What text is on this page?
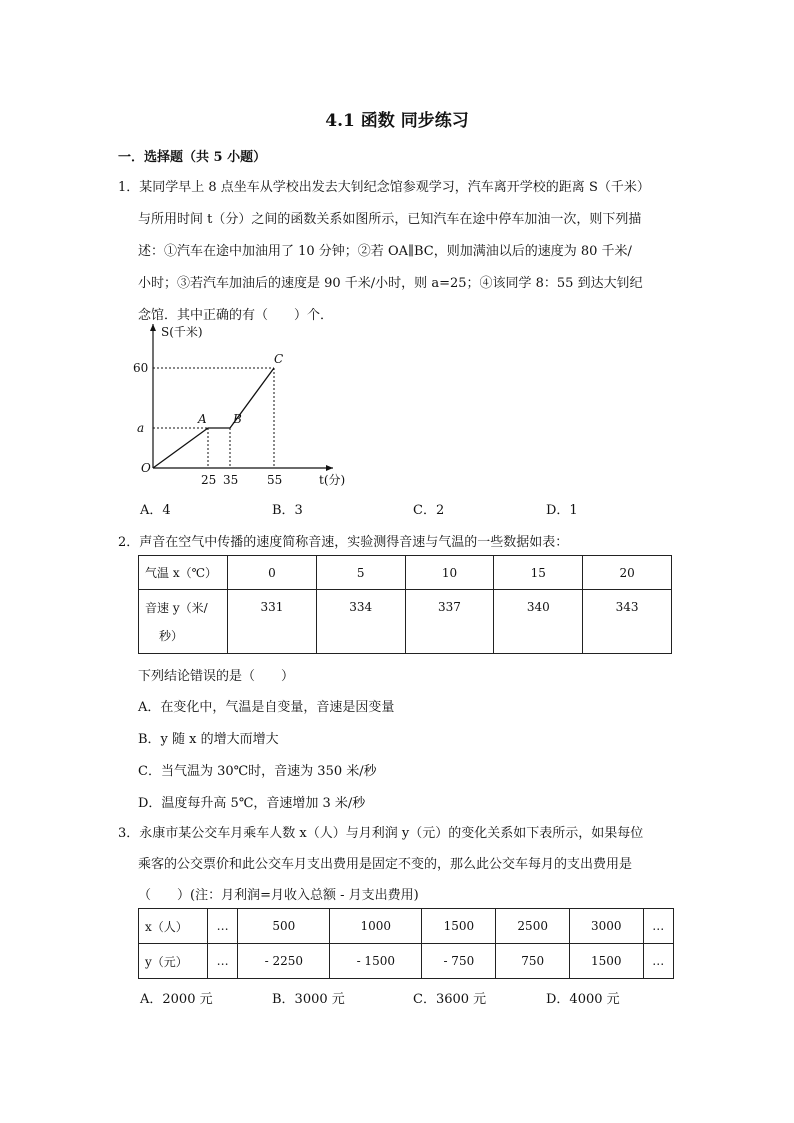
4.1 函数 同步练习
一．选择题（共 5 小题）
1．某同学早上 8 点坐车从学校出发去大钊纪念馆参观学习，汽车离开学校的距离 S（千米）
与所用时间 t（分）之间的函数关系如图所示，已知汽车在途中停车加油一次，则下列描
述：①汽车在途中加油用了 10 分钟；②若 OA∥BC，则加满油以后的速度为 80 千米/
小时；③若汽车加油后的速度是 90 千米/小时，则 a=25；④该同学 8：55 到达大钊纪
念馆．其中正确的有（　　）个．
S(千米)
t(分)
O
A B
C
25 35 55
a
60
A．4	B．3	C．2	D．1
2．声音在空气中传播的速度简称音速，实验测得音速与气温的一些数据如表：
气温 x（℃）	0	5	10	15	20

音速 y（米/
秒）	331	334	337	340	343
下列结论错误的是（　　）
A．在变化中，气温是自变量，音速是因变量
B．y 随 x 的增大而增大
C．当气温为 30℃时，音速为 350 米/秒
D．温度每升高 5℃，音速增加 3 米/秒
3．永康市某公交车月乘车人数 x（人）与月利润 y（元）的变化关系如下表所示，如果每位
乘客的公交票价和此公交车月支出费用是固定不变的，那么此公交车每月的支出费用是
（　　）(注：月利润=月收入总额 - 月支出费用)
x（人）	…	500	1000	1500	2500	3000	…
y（元）	…	- 2250	- 1500	- 750	750	1500	…
A．2000 元	B．3000 元	C．3600 元	D．4000 元
